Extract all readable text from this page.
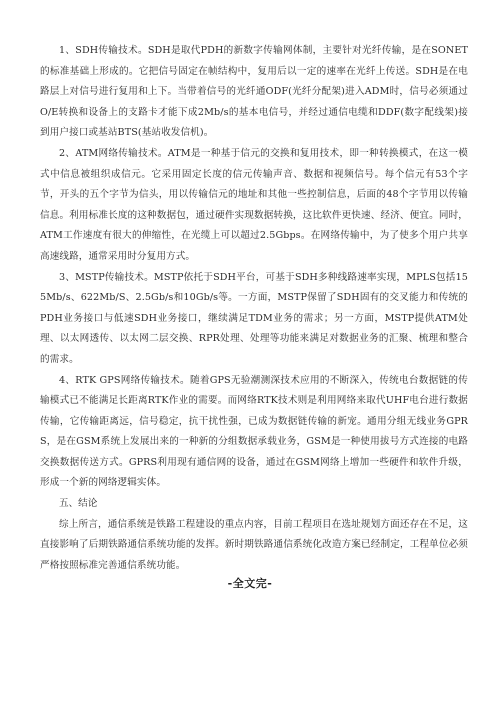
1、SDH传输技术。SDH是取代PDH的新数字传输网体制，主要针对光纤传输，是在SONET的标准基础上形成的。它把信号固定在帧结构中，复用后以一定的速率在光纤上传送。SDH是在电路层上对信号进行复用和上下。当带着信号的光纤通ODF(光纤分配架)进入ADM时，信号必须通过O/E转换和设备上的支路卡才能下成2Mb/s的基本电信号，并经过通信电缆和DDF(数字配线架)接到用户接口或基站BTS(基站收发信机)。

2、ATM网络传输技术。ATM是一种基于信元的交换和复用技术，即一种转换模式，在这一模式中信息被组织成信元。它采用固定长度的信元传输声音、数据和视频信号。每个信元有53个字节，开头的五个字节为信头，用以传输信元的地址和其他一些控制信息，后面的48个字节用以传输信息。利用标准长度的这种数据包，通过硬件实现数据转换，这比软件更快速、经济、便宜。同时，ATM工作速度有很大的伸缩性，在光缆上可以超过2.5Gbps。在网络传输中，为了使多个用户共享高速线路，通常采用时分复用方式。

3、MSTP传输技术。MSTP依托于SDH平台，可基于SDH多种线路速率实现，MPLS包括155Mb/s、622Mb/S、2.5Gb/s和10Gb/s等。一方面，MSTP保留了SDH固有的交叉能力和传统的PDH业务接口与低速SDH业务接口，继续满足TDM业务的需求；另一方面，MSTP提供ATM处理、以太网透传、以太网二层交换、RPR处理、处理等功能来满足对数据业务的汇聚、梳理和整合的需求。

4、RTK GPS网络传输技术。随着GPS无验潮测深技术应用的不断深入，传统电台数据链的传输模式已不能满足长距离RTK作业的需要。而网络RTK技术则是利用网络来取代UHF电台进行数据传输，它传输距离远，信号稳定，抗干扰性强，已成为数据链传输的新宠。通用分组无线业务GPRS，是在GSM系统上发展出来的一种新的分组数据承载业务，GSM是一种使用拔号方式连接的电路交换数据传送方式。GPRS利用现有通信网的设备，通过在GSM网络上增加一些硬件和软件升级，形成一个新的网络逻辑实体。

五、结论

综上所言，通信系统是铁路工程建设的重点内容，目前工程项目在选址规划方面还存在不足，这直接影响了后期铁路通信系统功能的发挥。新时期铁路通信系统化改造方案已经制定，工程单位必须严格按照标准完善通信系统功能。

-全文完-
